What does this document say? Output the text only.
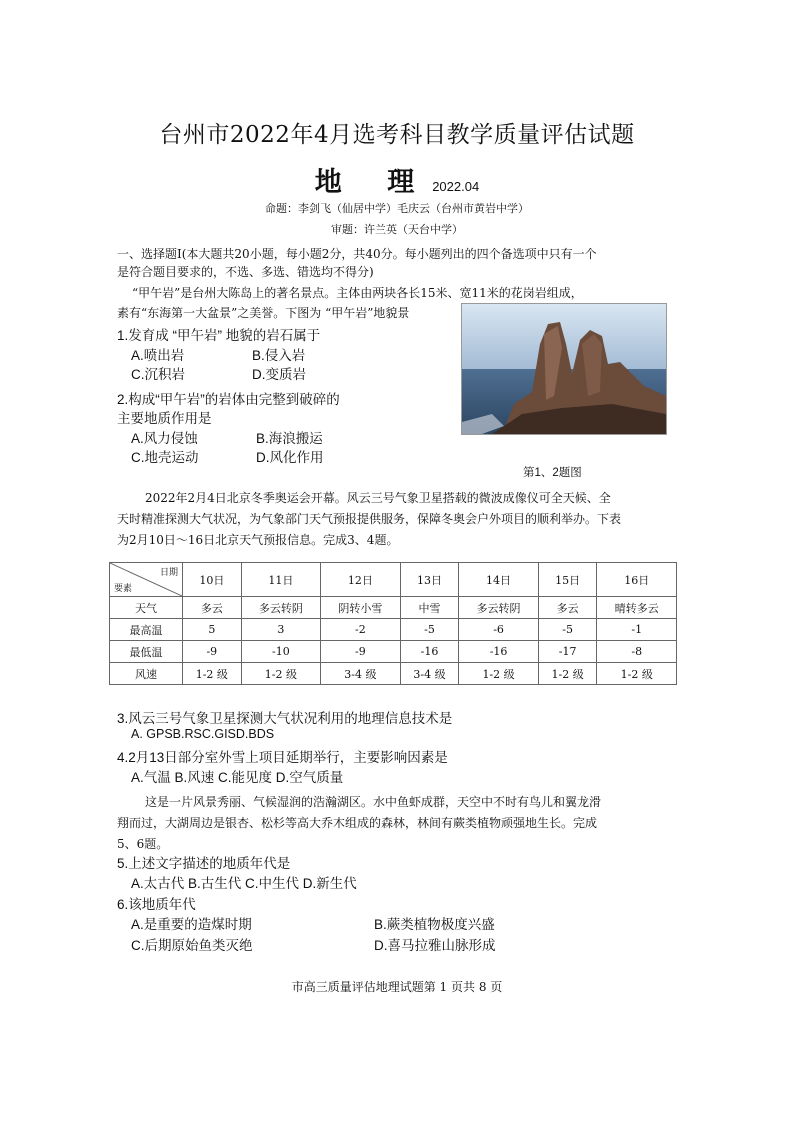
台州市2022年4月选考科目教学质量评估试题
地 理2022.04
命题：李剑飞（仙居中学）毛庆云（台州市黄岩中学）
审题：许兰英（天台中学）
一、选择题Ⅰ(本大题共20小题，每小题2分，共40分。每小题列出的四个备选项中只有一个
是符合题目要求的，不选、多选、错选均不得分)
“甲午岩”是台州大陈岛上的著名景点。主体由两块各长15米、宽11米的花岗岩组成，
素有“东海第一大盆景”之美誉。下图为 “甲午岩”地貌景
第1、2题图
1.发育成 “甲午岩” 地貌的岩石属于
A.喷出岩	B.侵入岩
C.沉积岩	D.变质岩
2.构成“甲午岩”的岩体由完整到破碎的
主要地质作用是
A.风力侵蚀	B.海浪搬运
C.地壳运动	D.风化作用
2022年2月4日北京冬季奥运会开幕。风云三号气象卫星搭载的微波成像仪可全天候、全
天时精准探测大气状况，为气象部门天气预报提供服务，保障冬奥会户外项目的顺利举办。下表
为2月10日～16日北京天气预报信息。完成3、4题。
日期
要素	10日	11日	12日	13日	14日	15日	16日
天气	多云	多云转阴	阴转小雪	中雪	多云转阴	多云	晴转多云
最高温	5	3	-2	-5	-6	-5	-1
最低温	-9	-10	-9	-16	-16	-17	-8
风速	1-2 级	1-2 级	3-4 级	3-4 级	1-2 级	1-2 级	1-2 级
3.风云三号气象卫星探测大气状况利用的地理信息技术是
A. GPSB.RSC.GISD.BDS
4.2月13日部分室外雪上项目延期举行，主要影响因素是
A.气温 B.风速 C.能见度 D.空气质量
这是一片风景秀丽、气候湿润的浩瀚湖区。水中鱼虾成群，天空中不时有鸟儿和翼龙滑
翔而过，大湖周边是银杏、松杉等高大乔木组成的森林，林间有蕨类植物顽强地生长。完成
5、6题。
5.上述文字描述的地质年代是
A.太古代 B.古生代 C.中生代 D.新生代
6.该地质年代
A.是重要的造煤时期	B.蕨类植物极度兴盛
C.后期原始鱼类灭绝	D.喜马拉雅山脉形成
市高三质量评估地理试题第 1 页共 8 页
